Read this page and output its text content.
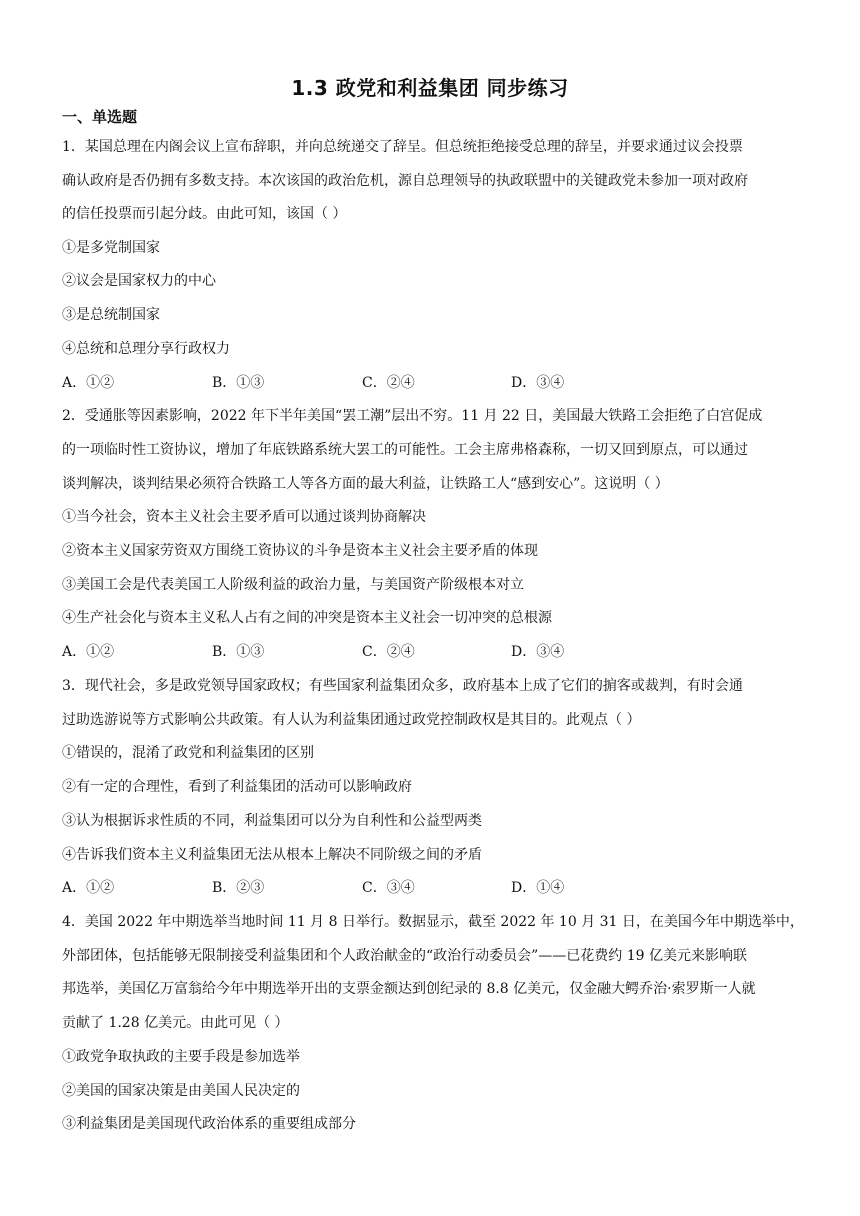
1.3 政党和利益集团 同步练习
一、单选题
1．某国总理在内阁会议上宣布辞职，并向总统递交了辞呈。但总统拒绝接受总理的辞呈，并要求通过议会投票
确认政府是否仍拥有多数支持。本次该国的政治危机，源自总理领导的执政联盟中的关键政党未参加一项对政府
的信任投票而引起分歧。由此可知，该国（ ）
①是多党制国家
②议会是国家权力的中心
③是总统制国家
④总统和总理分享行政权力
A．①②	B．①③	C．②④	D．③④
2．受通胀等因素影响，2022 年下半年美国“罢工潮”层出不穷。11 月 22 日，美国最大铁路工会拒绝了白宫促成
的一项临时性工资协议，增加了年底铁路系统大罢工的可能性。工会主席弗格森称，一切又回到原点，可以通过
谈判解决，谈判结果必须符合铁路工人等各方面的最大利益，让铁路工人“感到安心”。这说明（ ）
①当今社会，资本主义社会主要矛盾可以通过谈判协商解决
②资本主义国家劳资双方围绕工资协议的斗争是资本主义社会主要矛盾的体现
③美国工会是代表美国工人阶级利益的政治力量，与美国资产阶级根本对立
④生产社会化与资本主义私人占有之间的冲突是资本主义社会一切冲突的总根源
A．①②	B．①③	C．②④	D．③④
3．现代社会，多是政党领导国家政权；有些国家利益集团众多，政府基本上成了它们的掮客或裁判，有时会通
过助选游说等方式影响公共政策。有人认为利益集团通过政党控制政权是其目的。此观点（ ）
①错误的，混淆了政党和利益集团的区别
②有一定的合理性，看到了利益集团的活动可以影响政府
③认为根据诉求性质的不同，利益集团可以分为自利性和公益型两类
④告诉我们资本主义利益集团无法从根本上解决不同阶级之间的矛盾
A．①②	B．②③	C．③④	D．①④
4．美国 2022 年中期选举当地时间 11 月 8 日举行。数据显示，截至 2022 年 10 月 31 日，在美国今年中期选举中，
外部团体，包括能够无限制接受利益集团和个人政治献金的“政治行动委员会”——已花费约 19 亿美元来影响联
邦选举，美国亿万富翁给今年中期选举开出的支票金额达到创纪录的 8.8 亿美元，仅金融大鳄乔治·索罗斯一人就
贡献了 1.28 亿美元。由此可见（ ）
①政党争取执政的主要手段是参加选举
②美国的国家决策是由美国人民决定的
③利益集团是美国现代政治体系的重要组成部分
